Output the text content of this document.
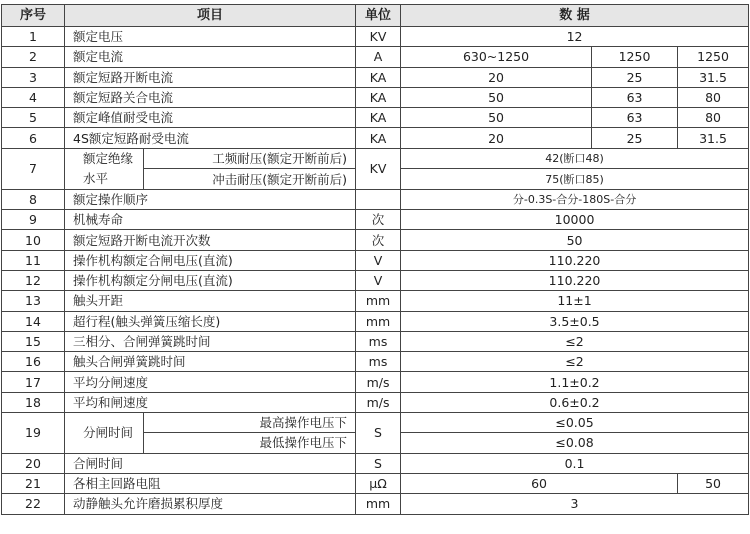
序号	项目		单位	数 据		
1	额定电压		KV	12		
2	额定电流		A	630~1250	1250	1250
3	额定短路开断电流		KA	20	25	31.5
4	额定短路关合电流		KA	50	63	80
5	额定峰值耐受电流		KA	50	63	80
6	4S额定短路耐受电流		KA	20	25	31.5
7	额定绝缘水平	工频耐压(额定开断前后)	KV	42(断口48)		
		冲击耐压(额定开断前后)		75(断口85)		
8	额定操作顺序			分-0.3S-合分-180S-合分		
9	机械寿命		次	10000		
10	额定短路开断电流开次数		次	50		
11	操作机构额定合闸电压(直流)		V	110.220		
12	操作机构额定分闸电压(直流)		V	110.220		
13	触头开距		mm	11±1		
14	超行程(触头弹簧压缩长度)		mm	3.5±0.5		
15	三相分、合闸弹簧跳时间		ms	≤2		
16	触头合闸弹簧跳时间		ms	≤2		
17	平均分闸速度		m/s	1.1±0.2		
18	平均和闸速度		m/s	0.6±0.2		
19	分闸时间	最高操作电压下	S	≤0.05		
		最低操作电压下		≤0.08		
20	合闸时间		S	0.1		
21	各相主回路电阻		μΩ	60		50
22	动静触头允许磨损累积厚度		mm	3		
